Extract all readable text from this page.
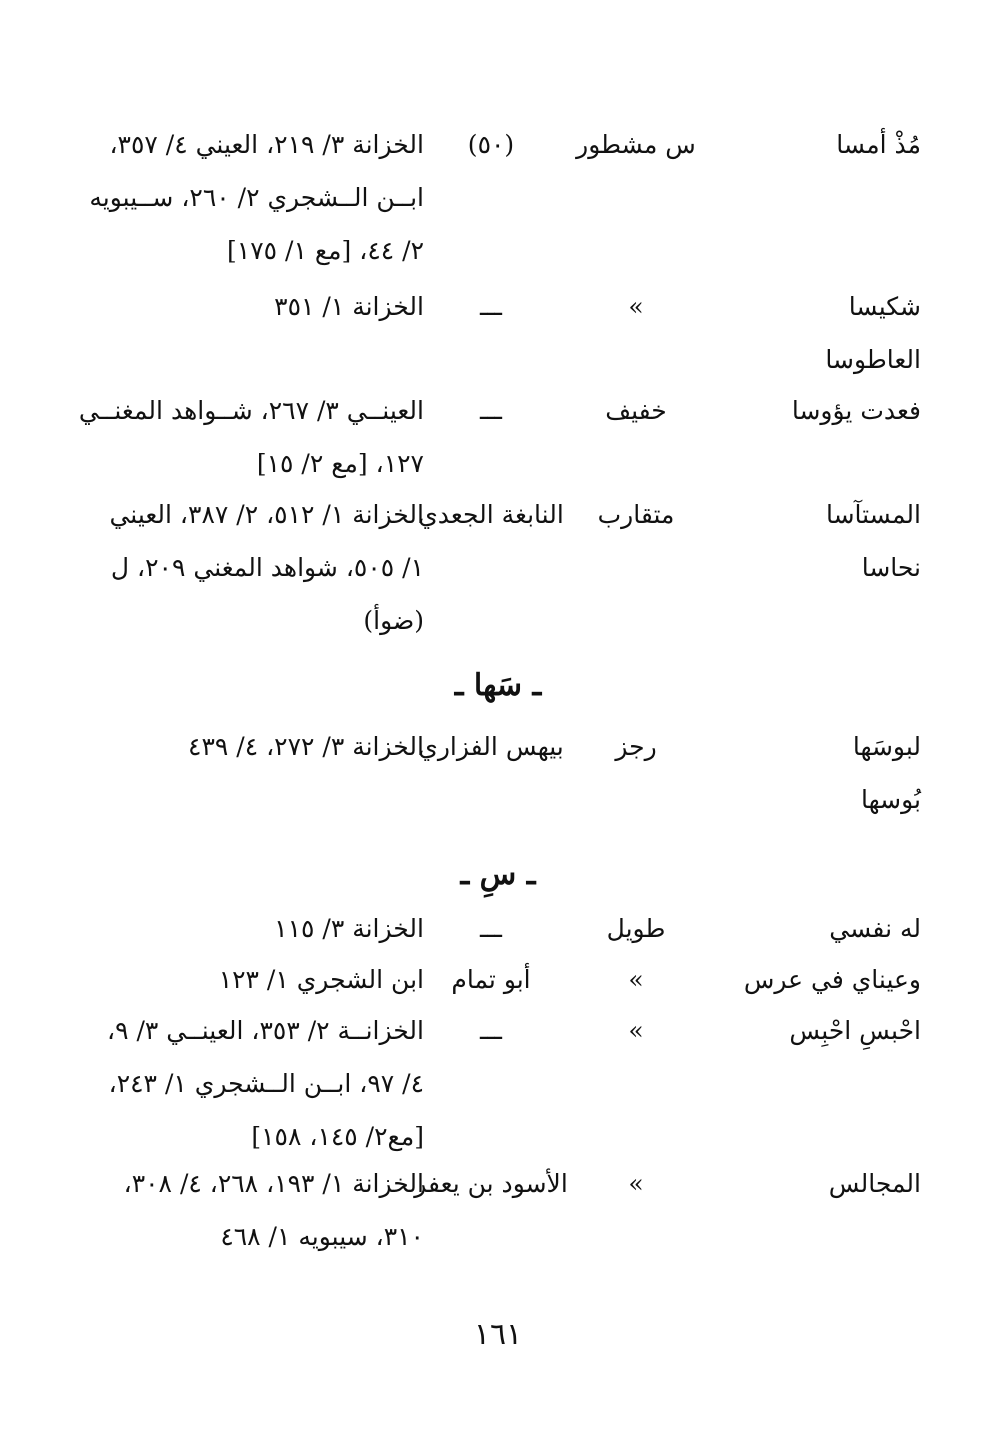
مُذْ أمسا
س مشطور
(٥٠)
الخزانة ٣/ ٢١٩، العيني ٤/ ٣٥٧،
ابــن الــشجري ٢/ ٢٦٠، ســيبويه
٢/ ٤٤، [مع ١/ ١٧٥]
شكيسا
العاطوسا
»
ـــ
الخزانة ١/ ٣٥١
فعدت يؤوسا
خفيف
ـــ
العينــي ٣/ ٢٦٧، شــواهد المغنــي
١٢٧، [مع ٢/ ١٥]
المستآسا
نحاسا
متقارب
النابغة الجعدي
الخزانة ١/ ٥١٢، ٢/ ٣٨٧، العيني
١/ ٥٠٥، شواهد المغني ٢٠٩، ل
(ضوأ)
ـ سَها ـ
لبوسَها
بُوسها
رجز
بيهس الفزاري
الخزانة ٣/ ٢٧٢، ٤/ ٤٣٩
ـ سِ ـ
له نفسي
طويل
ـــ
الخزانة ٣/ ١١٥
وعيناي في عرس
»
أبو تمام
ابن الشجري ١/ ١٢٣
احْبسِ احْبِس
»
ـــ
الخزانــة ٢/ ٣٥٣، العينــي ٣/ ٩،
٤/ ٩٧، ابــن الــشجري ١/ ٢٤٣،
[مع٢/ ١٤٥، ١٥٨]
المجالس
»
الأسود بن يعفر
الخزانة ١/ ١٩٣، ٢٦٨، ٤/ ٣٠٨،
٣١٠، سيبويه ١/ ٤٦٨
١٦١
